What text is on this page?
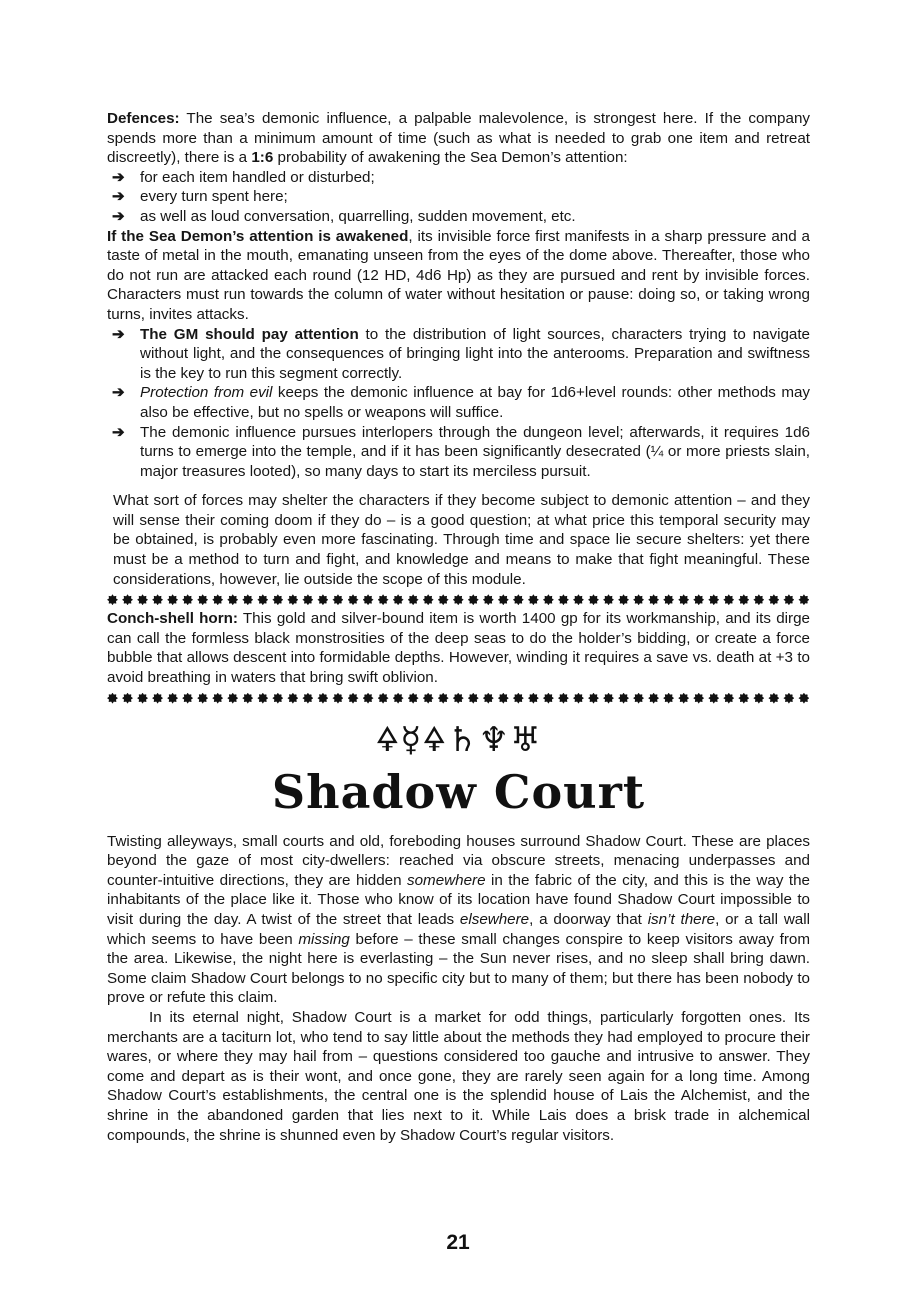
Defences: The sea’s demonic influence, a palpable malevolence, is strongest here. If the company spends more than a minimum amount of time (such as what is needed to grab one item and retreat discreetly), there is a 1:6 probability of awakening the Sea Demon’s attention:

➔ for each item handled or disturbed;
➔ every turn spent here;
➔ as well as loud conversation, quarrelling, sudden movement, etc.

If the Sea Demon’s attention is awakened, its invisible force first manifests in a sharp pressure and a taste of metal in the mouth, emanating unseen from the eyes of the dome above. Thereafter, those who do not run are attacked each round (12 HD, 4d6 Hp) as they are pursued and rent by invisible forces. Characters must run towards the column of water without hesitation or pause: doing so, or taking wrong turns, invites attacks.

➔ The GM should pay attention to the distribution of light sources, characters trying to navigate without light, and the consequences of bringing light into the anterooms. Preparation and swiftness is the key to run this segment correctly.
➔ Protection from evil keeps the demonic influence at bay for 1d6+level rounds: other methods may also be effective, but no spells or weapons will suffice.
➔ The demonic influence pursues interlopers through the dungeon level; afterwards, it requires 1d6 turns to emerge into the temple, and if it has been significantly desecrated (¼ or more priests slain, major treasures looted), so many days to start its merciless pursuit.

What sort of forces may shelter the characters if they become subject to demonic attention – and they will sense their coming doom if they do – is a good question; at what price this temporal security may be obtained, is probably even more fascinating. Through time and space lie secure shelters: yet there must be a method to turn and fight, and knowledge and means to make that fight meaningful. These considerations, however, lie outside the scope of this module.

Conch-shell horn: This gold and silver-bound item is worth 1400 gp for its workmanship, and its dirge can call the formless black monstrosities of the deep seas to do the holder’s bidding, or create a force bubble that allows descent into formidable depths. However, winding it requires a save vs. death at +3 to avoid breathing in waters that bring swift oblivion.

🜍☿🜍♄♆♅
Shadow Court

Twisting alleyways, small courts and old, foreboding houses surround Shadow Court. These are places beyond the gaze of most city-dwellers: reached via obscure streets, menacing underpasses and counter-intuitive directions, they are hidden somewhere in the fabric of the city, and this is the way the inhabitants of the place like it. Those who know of its location have found Shadow Court impossible to visit during the day. A twist of the street that leads elsewhere, a doorway that isn’t there, or a tall wall which seems to have been missing before – these small changes conspire to keep visitors away from the area. Likewise, the night here is everlasting – the Sun never rises, and no sleep shall bring dawn. Some claim Shadow Court belongs to no specific city but to many of them; but there has been nobody to prove or refute this claim.

In its eternal night, Shadow Court is a market for odd things, particularly forgotten ones. Its merchants are a taciturn lot, who tend to say little about the methods they had employed to procure their wares, or where they may hail from – questions considered too gauche and intrusive to answer. They come and depart as is their wont, and once gone, they are rarely seen again for a long time. Among Shadow Court’s establishments, the central one is the splendid house of Lais the Alchemist, and the shrine in the abandoned garden that lies next to it. While Lais does a brisk trade in alchemical compounds, the shrine is shunned even by Shadow Court’s regular visitors.

21
